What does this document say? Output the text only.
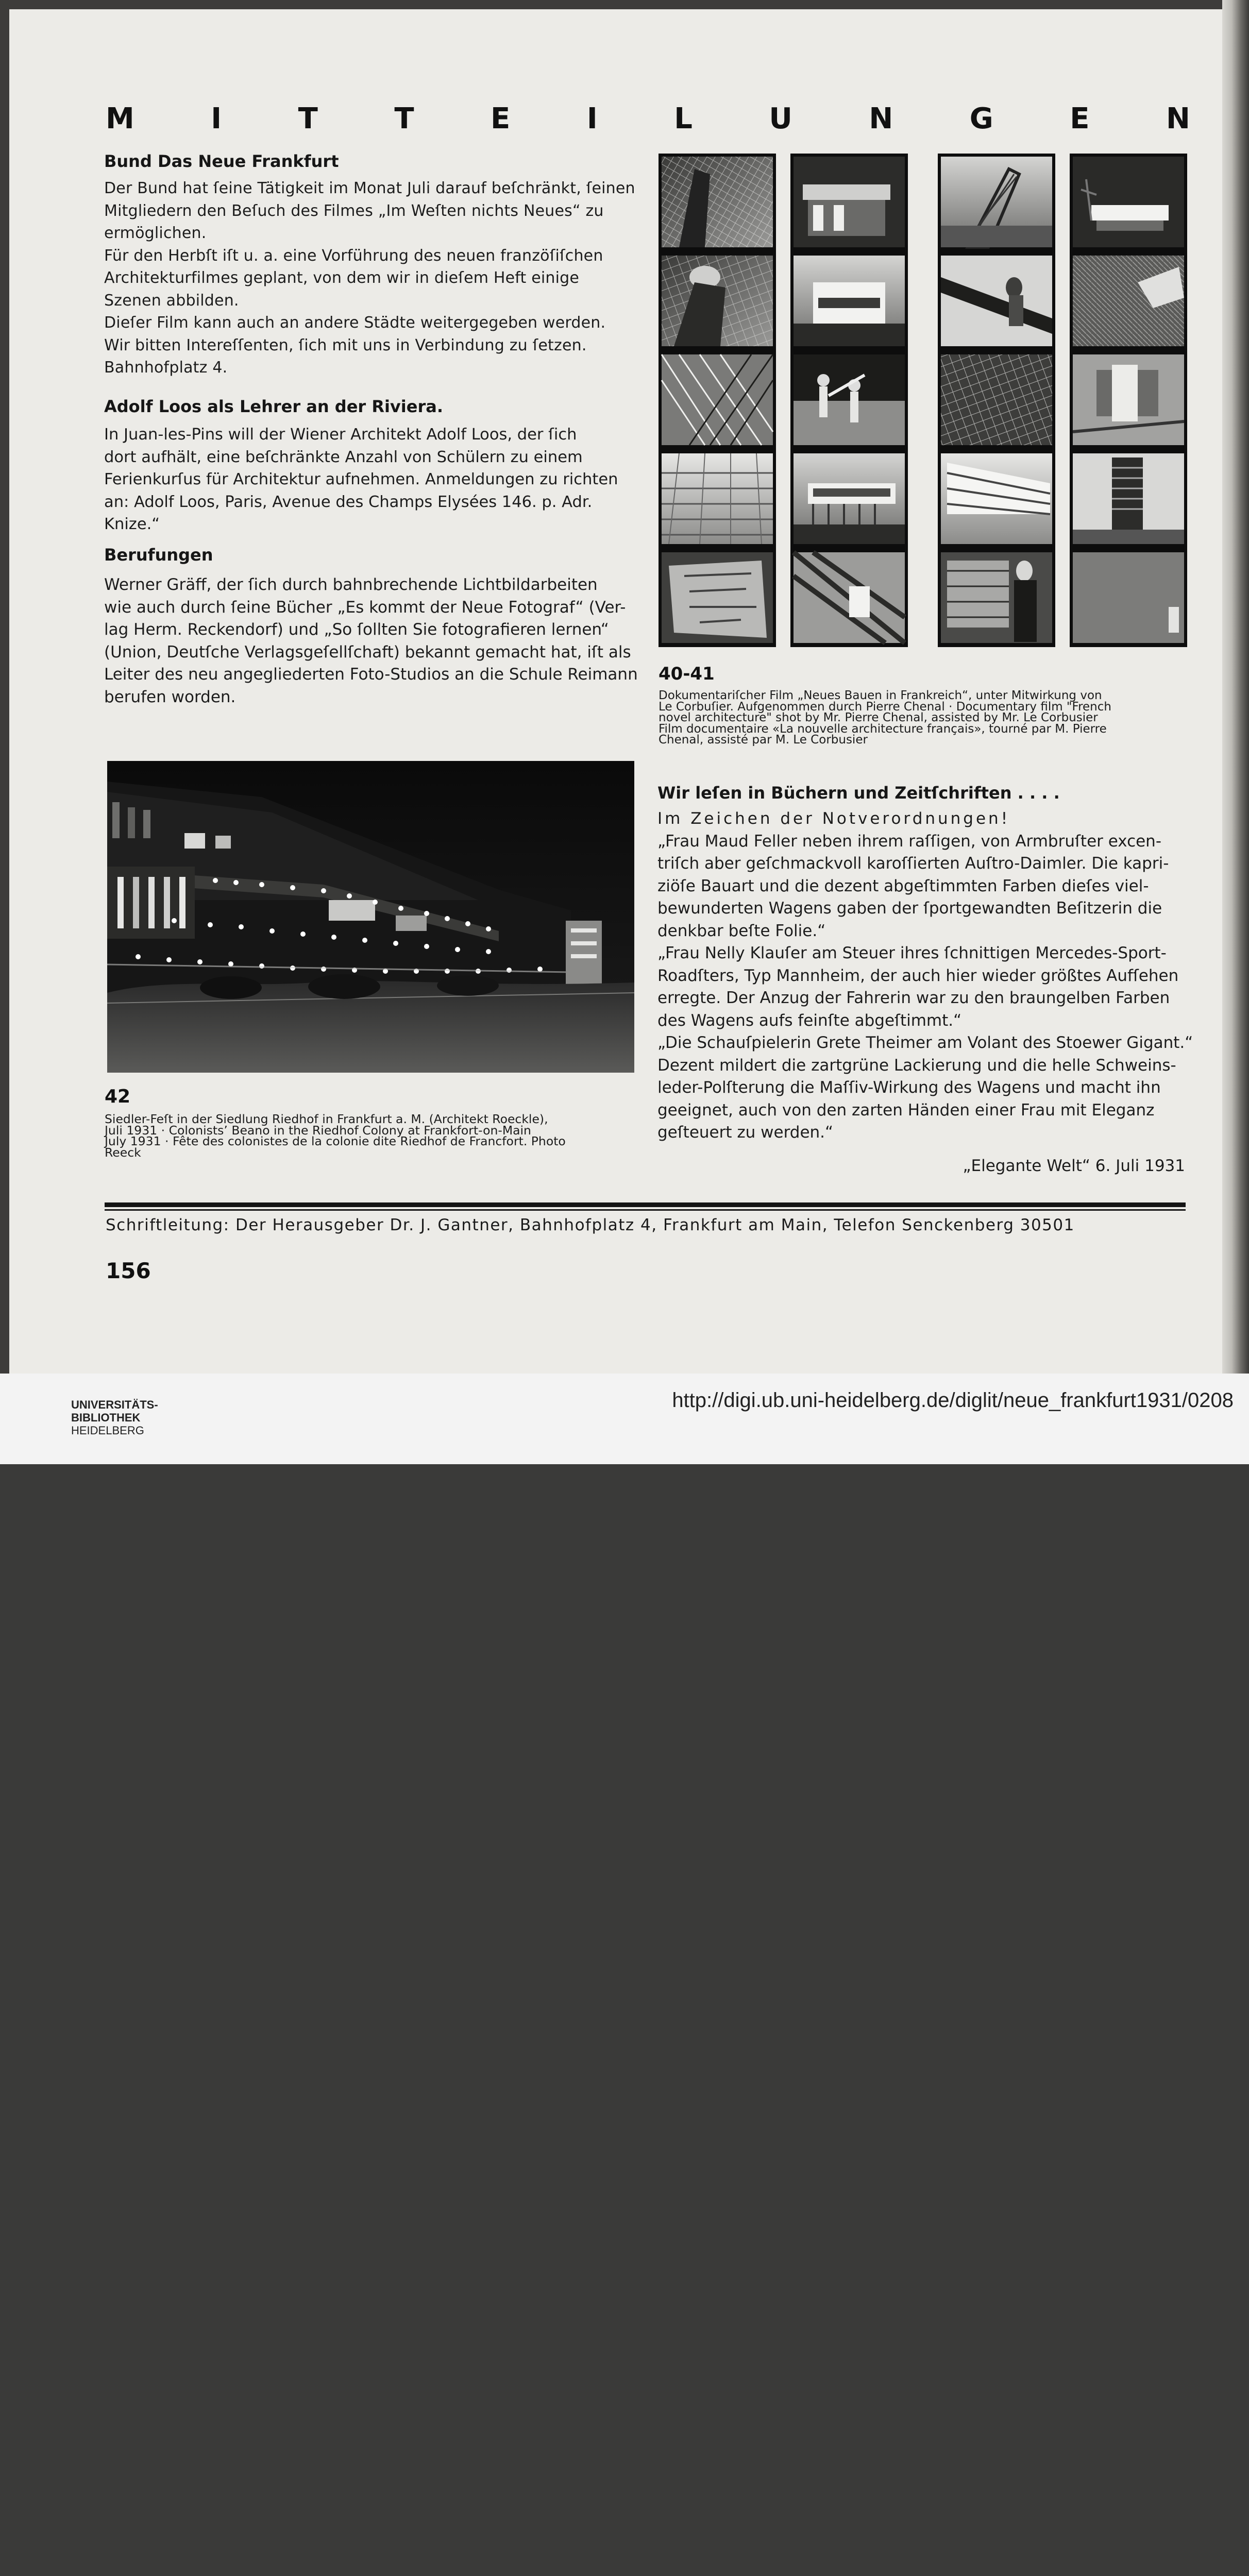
M	I	T	T	E	I	L	U	N	G	E	N
Bund Das Neue Frankfurt
Der Bund hat ſeine Tätigkeit im Monat Juli darauf beſchränkt, ſeinen
Mitgliedern den Beſuch des Filmes „Im Weſten nichts Neues“ zu
ermöglichen.
Für den Herbſt iſt u. a. eine Vorführung des neuen franzöſiſchen
Architekturfilmes geplant, von dem wir in dieſem Heft einige
Szenen abbilden.
Dieſer Film kann auch an andere Städte weitergegeben werden.
Wir bitten Intereſſenten, ſich mit uns in Verbindung zu ſetzen.
Bahnhofplatz 4.
Adolf Loos als Lehrer an der Riviera.
In Juan-les-Pins will der Wiener Architekt Adolf Loos, der ſich
dort aufhält, eine beſchränkte Anzahl von Schülern zu einem
Ferienkurſus für Architektur aufnehmen. Anmeldungen zu richten
an: Adolf Loos, Paris, Avenue des Champs Elysées 146. p. Adr.
Knize.“
Berufungen
Werner Gräff, der ſich durch bahnbrechende Lichtbildarbeiten
wie auch durch ſeine Bücher „Es kommt der Neue Fotograf“ (Ver-
lag Herm. Reckendorf) und „So ſollten Sie fotografieren lernen“
(Union, Deutſche Verlagsgeſellſchaft) bekannt gemacht hat, iſt als
Leiter des neu angegliederten Foto-Studios an die Schule Reimann
berufen worden.
40-41
Dokumentariſcher Film „Neues Bauen in Frankreich“, unter Mitwirkung von
Le Corbuſier. Aufgenommen durch Pierre Chenal · Documentary film "French
novel architecture" shot by Mr. Pierre Chenal, assisted by Mr. Le Corbusier
Film documentaire «La nouvelle architecture français», tourné par M. Pierre
Chenal, assisté par M. Le Corbusier
Wir leſen in Büchern und Zeitſchriften . . . .
Im Zeichen der Notverordnungen!
„Frau Maud Feller neben ihrem raſſigen, von Armbruſter excen-
triſch aber geſchmackvoll karoſſierten Auſtro-Daimler. Die kapri-
ziöſe Bauart und die dezent abgeſtimmten Farben dieſes viel-
bewunderten Wagens gaben der ſportgewandten Beſitzerin die
denkbar beſte Folie.“
„Frau Nelly Klauſer am Steuer ihres ſchnittigen Mercedes-Sport-
Roadſters, Typ Mannheim, der auch hier wieder größtes Aufſehen
erregte. Der Anzug der Fahrerin war zu den braungelben Farben
des Wagens aufs feinſte abgeſtimmt.“
„Die Schauſpielerin Grete Theimer am Volant des Stoewer Gigant.“
Dezent mildert die zartgrüne Lackierung und die helle Schweins-
leder-Polſterung die Maſſiv-Wirkung des Wagens und macht ihn
geeignet, auch von den zarten Händen einer Frau mit Eleganz
geſteuert zu werden.“
„Elegante Welt“ 6. Juli 1931
42
Siedler-Feſt in der Siedlung Riedhof in Frankfurt a. M. (Architekt Roeckle),
Juli 1931 · Colonists’ Beano in the Riedhof Colony at Frankfort-on-Main
July 1931 · Fête des colonistes de la colonie dite Riedhof de Francfort. Photo
Reeck
Schriftleitung: Der Herausgeber Dr. J. Gantner, Bahnhofplatz 4, Frankfurt am Main, Telefon Senckenberg 30501
156
UNIVERSITÄTS-
BIBLIOTHEK
HEIDELBERG
http://digi.ub.uni-heidelberg.de/diglit/neue_frankfurt1931/0208
